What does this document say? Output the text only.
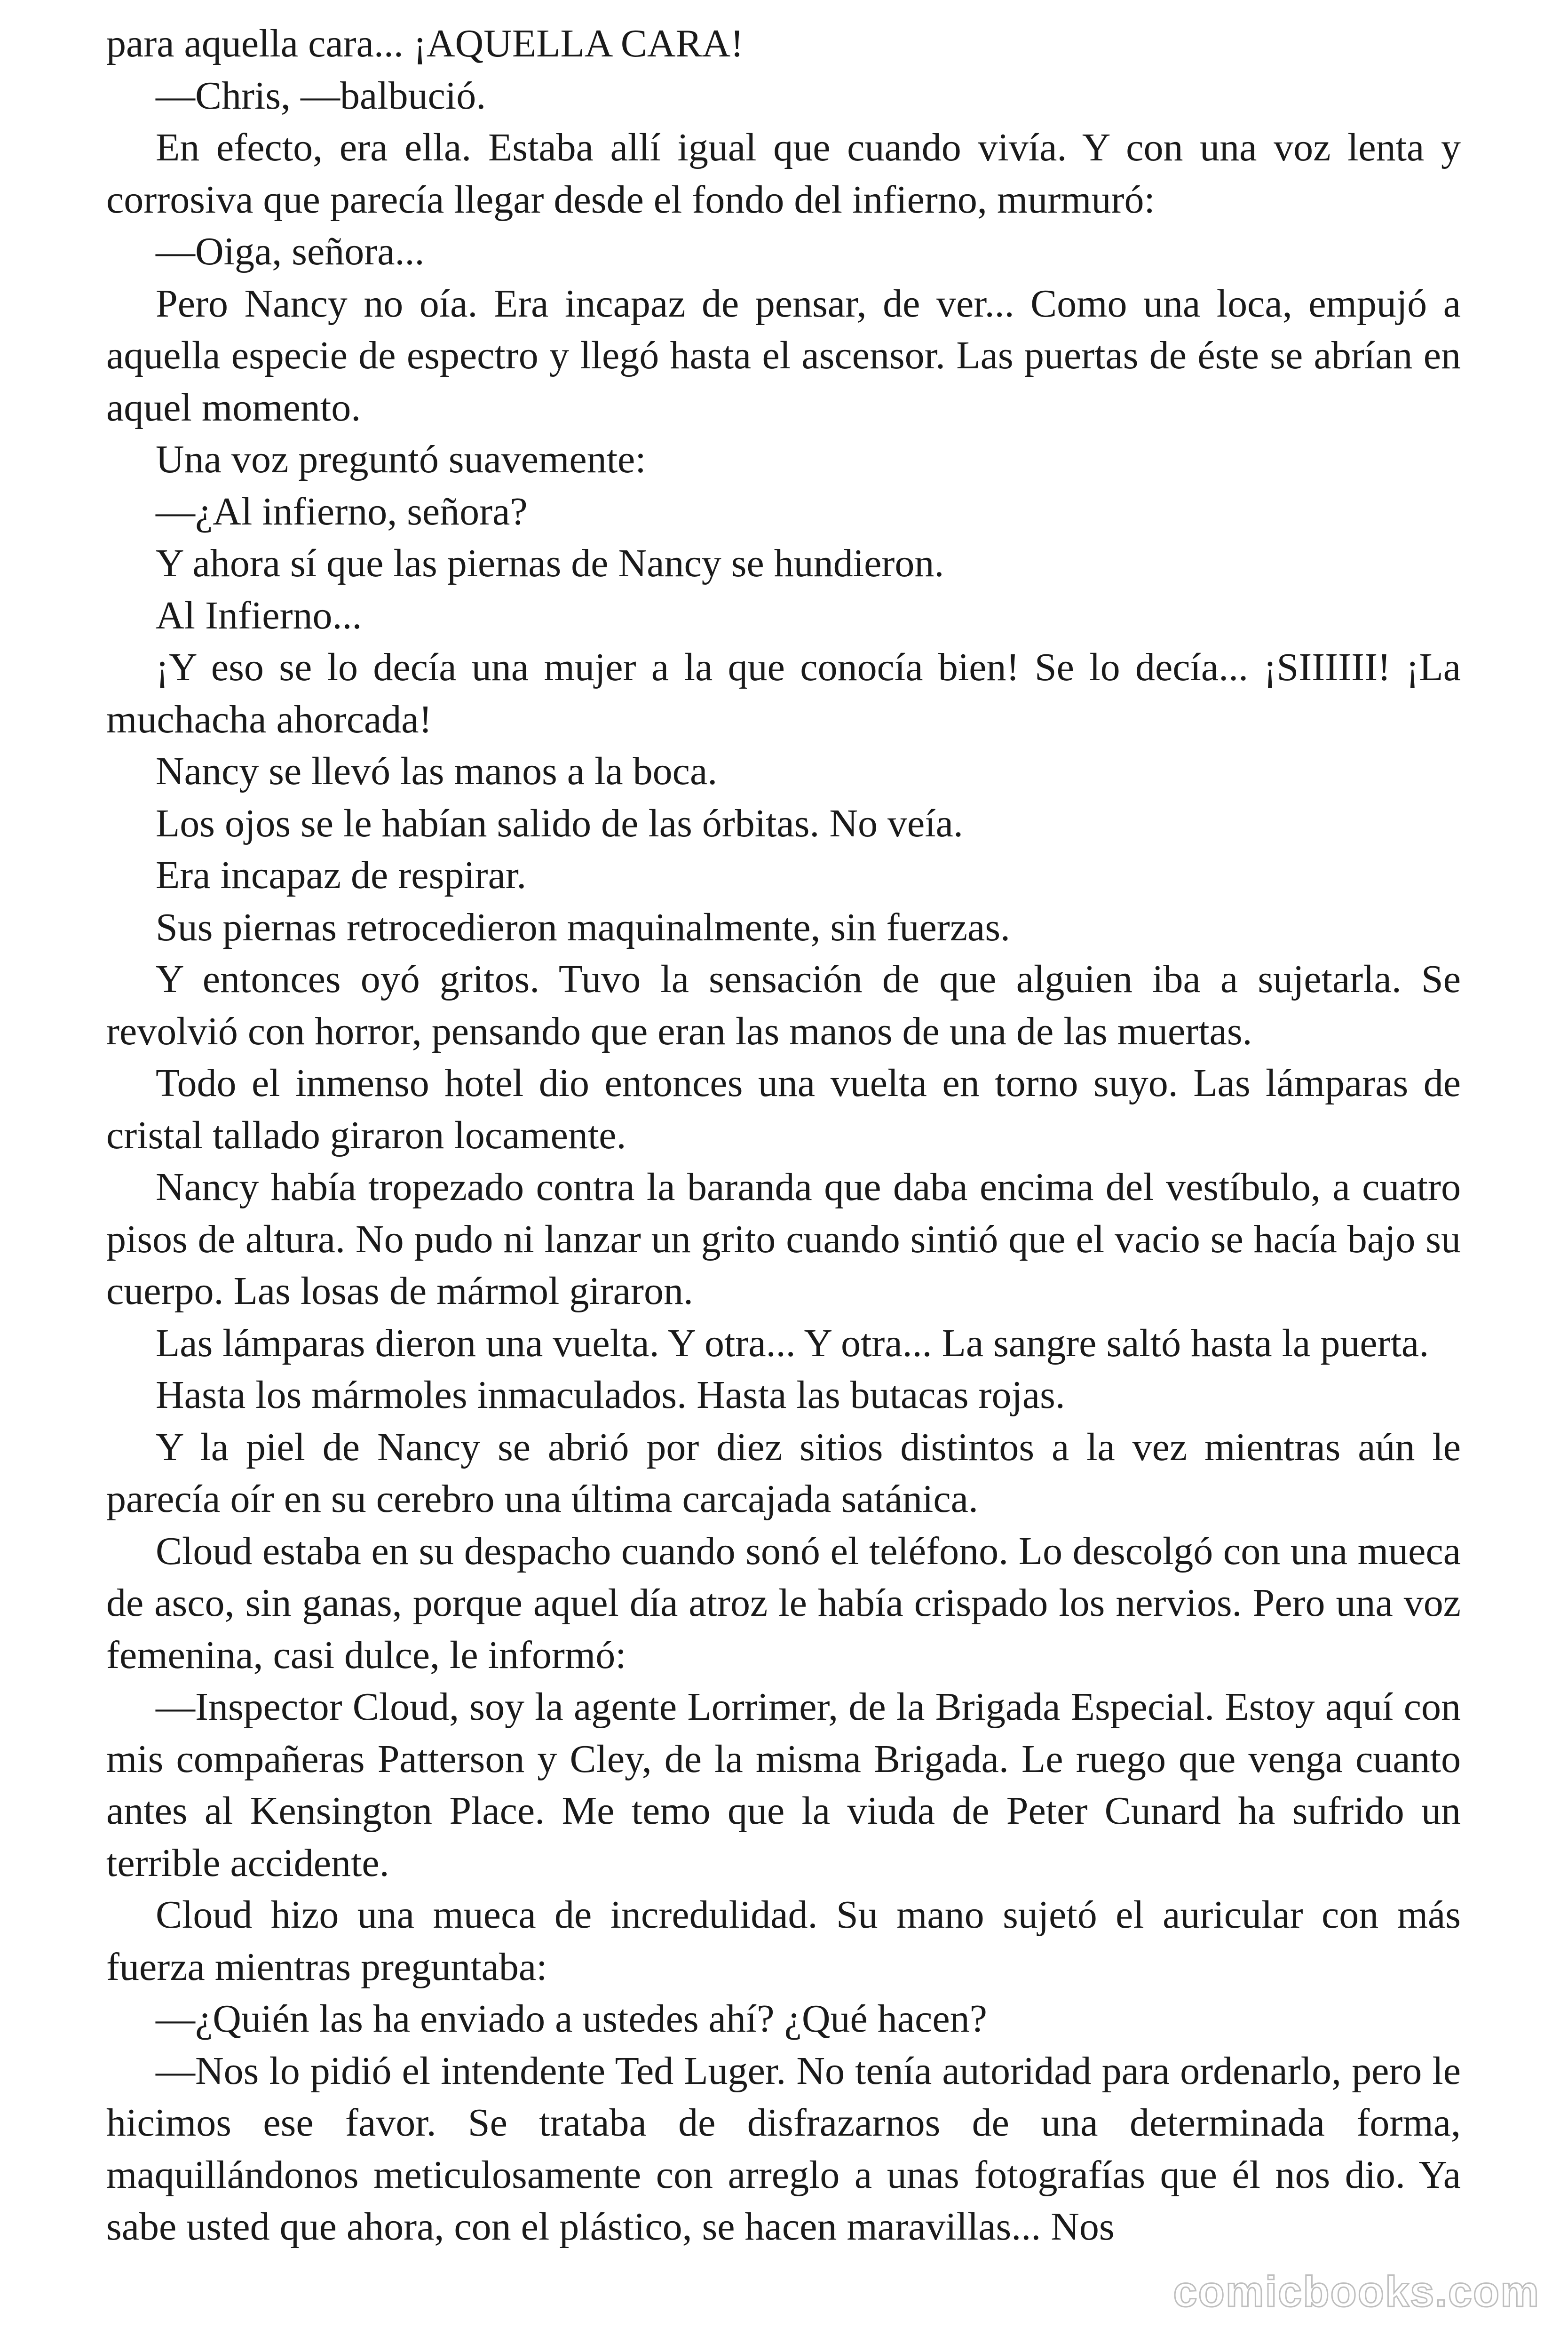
para aquella cara... ¡AQUELLA CARA!

—Chris, —balbució.

En efecto, era ella. Estaba allí igual que cuando vivía. Y con una voz lenta y corrosiva que parecía llegar desde el fondo del infierno, murmuró:

—Oiga, señora...

Pero Nancy no oía. Era incapaz de pensar, de ver... Como una loca, empujó a aquella especie de espectro y llegó hasta el ascensor. Las puertas de éste se abrían en aquel momento.

Una voz preguntó suavemente:

—¿Al infierno, señora?

Y ahora sí que las piernas de Nancy se hundieron.

Al Infierno...

¡Y eso se lo decía una mujer a la que conocía bien! Se lo decía... ¡SIIIIII! ¡La muchacha ahorcada!

Nancy se llevó las manos a la boca.

Los ojos se le habían salido de las órbitas. No veía.

Era incapaz de respirar.

Sus piernas retrocedieron maquinalmente, sin fuerzas.

Y entonces oyó gritos. Tuvo la sensación de que alguien iba a sujetarla. Se revolvió con horror, pensando que eran las manos de una de las muertas.

Todo el inmenso hotel dio entonces una vuelta en torno suyo. Las lámparas de cristal tallado giraron locamente.

Nancy había tropezado contra la baranda que daba encima del vestíbulo, a cuatro pisos de altura. No pudo ni lanzar un grito cuando sintió que el vacio se hacía bajo su cuerpo. Las losas de mármol giraron.

Las lámparas dieron una vuelta. Y otra... Y otra... La sangre saltó hasta la puerta.

Hasta los mármoles inmaculados. Hasta las butacas rojas.

Y la piel de Nancy se abrió por diez sitios distintos a la vez mientras aún le parecía oír en su cerebro una última carcajada satánica.

Cloud estaba en su despacho cuando sonó el teléfono. Lo descolgó con una mueca de asco, sin ganas, porque aquel día atroz le había crispado los nervios. Pero una voz femenina, casi dulce, le informó:

—Inspector Cloud, soy la agente Lorrimer, de la Brigada Especial. Estoy aquí con mis compañeras Patterson y Cley, de la misma Brigada. Le ruego que venga cuanto antes al Kensington Place. Me temo que la viuda de Peter Cunard ha sufrido un terrible accidente.

Cloud hizo una mueca de incredulidad. Su mano sujetó el auricular con más fuerza mientras preguntaba:

—¿Quién las ha enviado a ustedes ahí? ¿Qué hacen?

—Nos lo pidió el intendente Ted Luger. No tenía autoridad para ordenarlo, pero le hicimos ese favor. Se trataba de disfrazarnos de una determinada forma, maquillándonos meticulosamente con arreglo a unas fotografías que él nos dio. Ya sabe usted que ahora, con el plástico, se hacen maravillas... Nos

comicbooks.com
